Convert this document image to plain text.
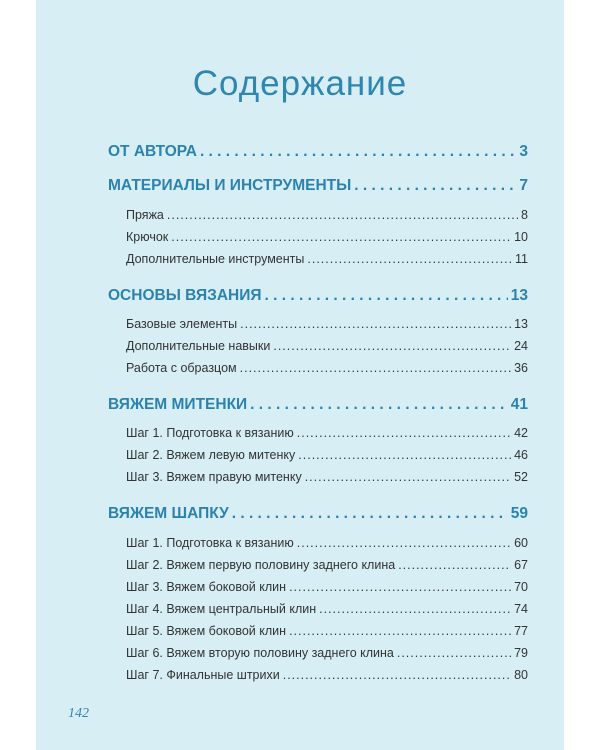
Содержание
ОТ АВТОРА . . .	3
МАТЕРИАЛЫ И ИНСТРУМЕНТЫ . . .	7
Пряжа .....	8
Крючок .....	10
Дополнительные инструменты .....	11
ОСНОВЫ ВЯЗАНИЯ . . .	13
Базовые элементы .....	13
Дополнительные навыки .....	24
Работа с образцом .....	36
ВЯЖЕМ МИТЕНКИ . . .	41
Шаг 1. Подготовка к вязанию .....	42
Шаг 2. Вяжем левую митенку .....	46
Шаг 3. Вяжем правую митенку .....	52
ВЯЖЕМ ШАПКУ . . .	59
Шаг 1. Подготовка к вязанию .....	60
Шаг 2. Вяжем первую половину заднего клина .....	67
Шаг 3. Вяжем боковой клин .....	70
Шаг 4. Вяжем центральный клин .....	74
Шаг 5. Вяжем боковой клин .....	77
Шаг 6. Вяжем вторую половину заднего клина .....	79
Шаг 7. Финальные штрихи .....	80
142
